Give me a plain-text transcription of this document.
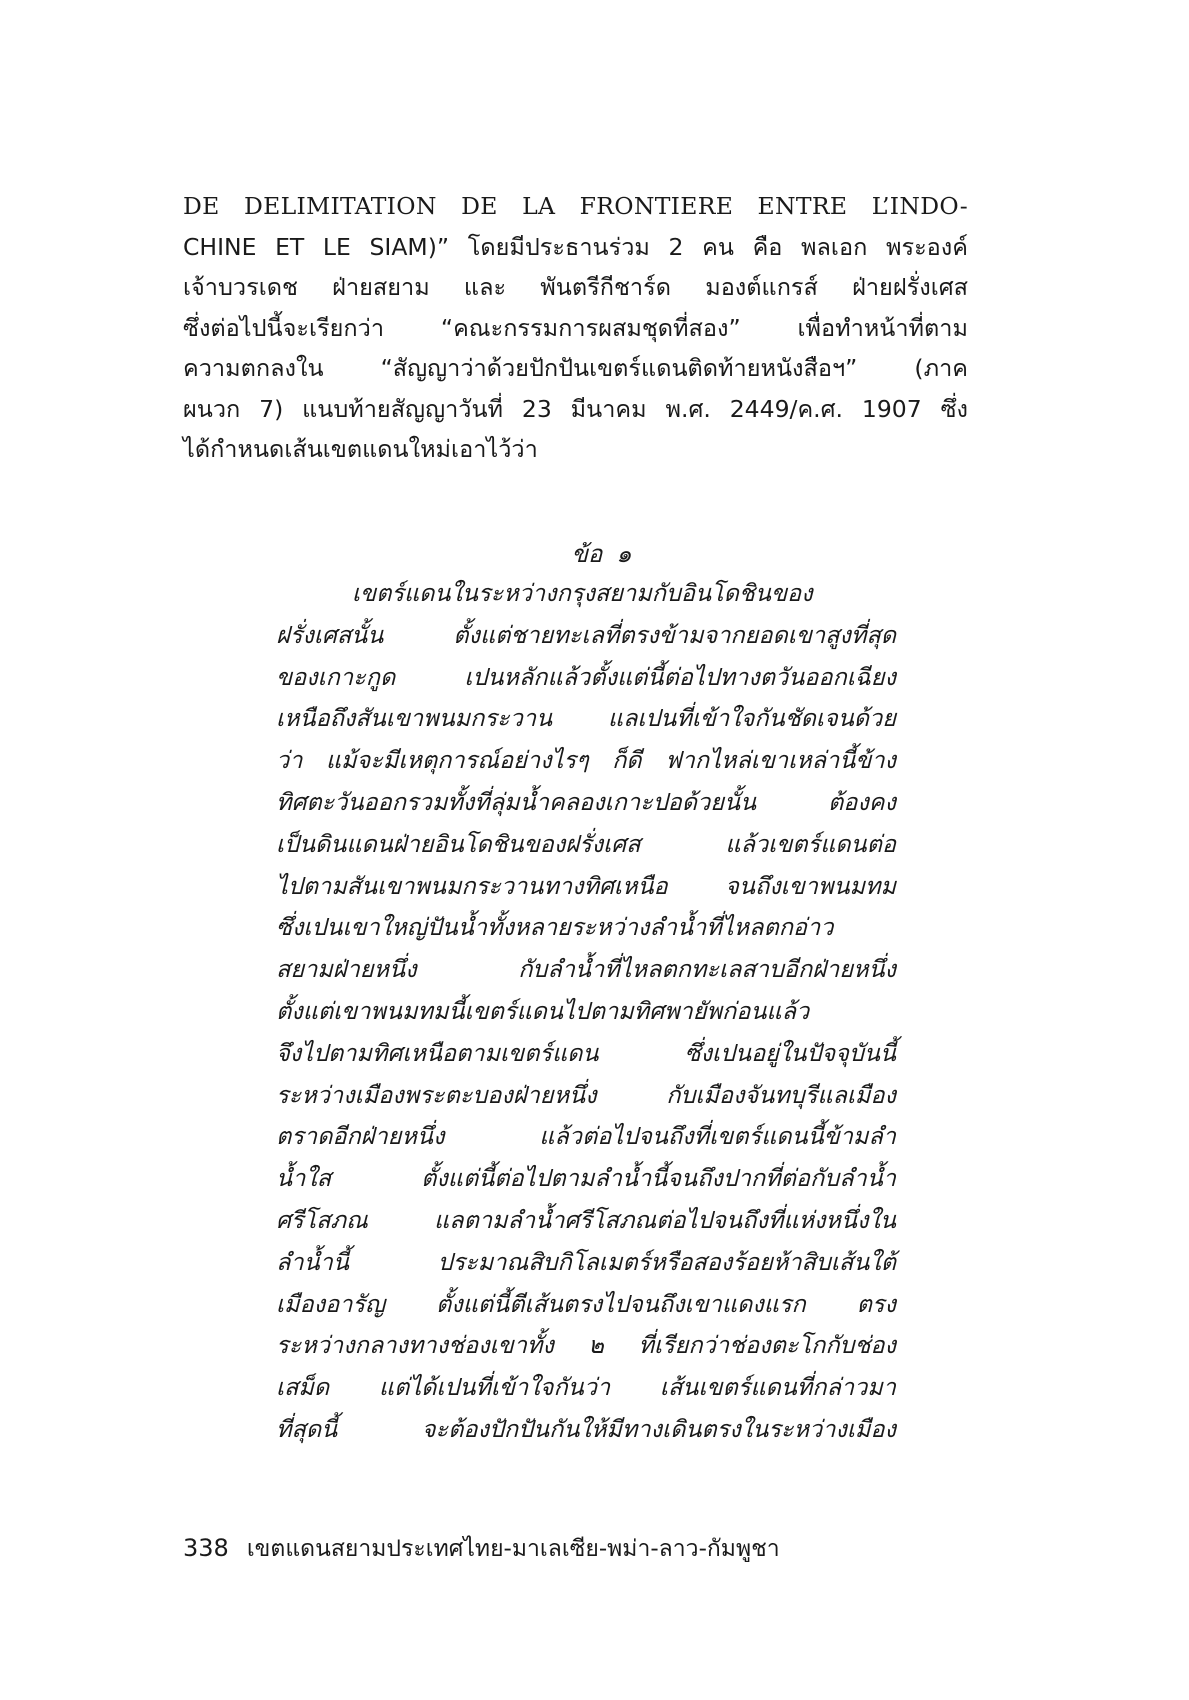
DE DELIMITATION DE LA FRONTIERE ENTRE L’INDO-
CHINE ET LE SIAM)” โดยมีประธานร่วม 2 คน คือ พลเอก พระองค์
เจ้าบวรเดช ฝ่ายสยาม และ พันตรีกีชาร์ด มองต์แกรส์ ฝ่ายฝรั่งเศส
ซึ่งต่อไปนี้จะเรียกว่า “คณะกรรมการผสมชุดที่สอง” เพื่อทำหน้าที่ตาม
ความตกลงใน “สัญญาว่าด้วยปักปันเขตร์แดนติดท้ายหนังสือฯ” (ภาค
ผนวก 7) แนบท้ายสัญญาวันที่ 23 มีนาคม พ.ศ. 2449/ค.ศ. 1907 ซึ่ง
ได้กำหนดเส้นเขตแดนใหม่เอาไว้ว่า
ข้อ ๑
เขตร์แดนในระหว่างกรุงสยามกับอินโดชินของ
ฝรั่งเศสนั้น ตั้งแต่ชายทะเลที่ตรงข้ามจากยอดเขาสูงที่สุด
ของเกาะกูด เปนหลักแล้วตั้งแต่นี้ต่อไปทางตวันออกเฉียง
เหนือถึงสันเขาพนมกระวาน แลเปนที่เข้าใจกันชัดเจนด้วย
ว่า แม้จะมีเหตุการณ์อย่างไรๆ ก็ดี ฟากไหล่เขาเหล่านี้ข้าง
ทิศตะวันออกรวมทั้งที่ลุ่มน้ำคลองเกาะปอด้วยนั้น ต้องคง
เป็นดินแดนฝ่ายอินโดชินของฝรั่งเศส แล้วเขตร์แดนต่อ
ไปตามสันเขาพนมกระวานทางทิศเหนือ จนถึงเขาพนมทม
ซึ่งเปนเขาใหญ่ปันน้ำทั้งหลายระหว่างลำน้ำที่ไหลตกอ่าว
สยามฝ่ายหนึ่ง กับลำน้ำที่ไหลตกทะเลสาบอีกฝ่ายหนึ่ง
ตั้งแต่เขาพนมทมนี้เขตร์แดนไปตามทิศพายัพก่อนแล้ว
จึงไปตามทิศเหนือตามเขตร์แดน ซึ่งเปนอยู่ในปัจจุบันนี้
ระหว่างเมืองพระตะบองฝ่ายหนึ่ง กับเมืองจันทบุรีแลเมือง
ตราดอีกฝ่ายหนึ่ง แล้วต่อไปจนถึงที่เขตร์แดนนี้ข้ามลำ
น้ำใส ตั้งแต่นี้ต่อไปตามลำน้ำนี้จนถึงปากที่ต่อกับลำน้ำ
ศรีโสภณ แลตามลำน้ำศรีโสภณต่อไปจนถึงที่แห่งหนึ่งใน
ลำน้ำนี้ ประมาณสิบกิโลเมตร์หรือสองร้อยห้าสิบเส้นใต้
เมืองอารัญ ตั้งแต่นี้ตีเส้นตรงไปจนถึงเขาแดงแรก ตรง
ระหว่างกลางทางช่องเขาทั้ง ๒ ที่เรียกว่าช่องตะโกกับช่อง
เสม็ด แต่ได้เปนที่เข้าใจกันว่า เส้นเขตร์แดนที่กล่าวมา
ที่สุดนี้ จะต้องปักปันกันให้มีทางเดินตรงในระหว่างเมือง
338 เขตแดนสยามประเทศไทย-มาเลเซีย-พม่า-ลาว-กัมพูชา
